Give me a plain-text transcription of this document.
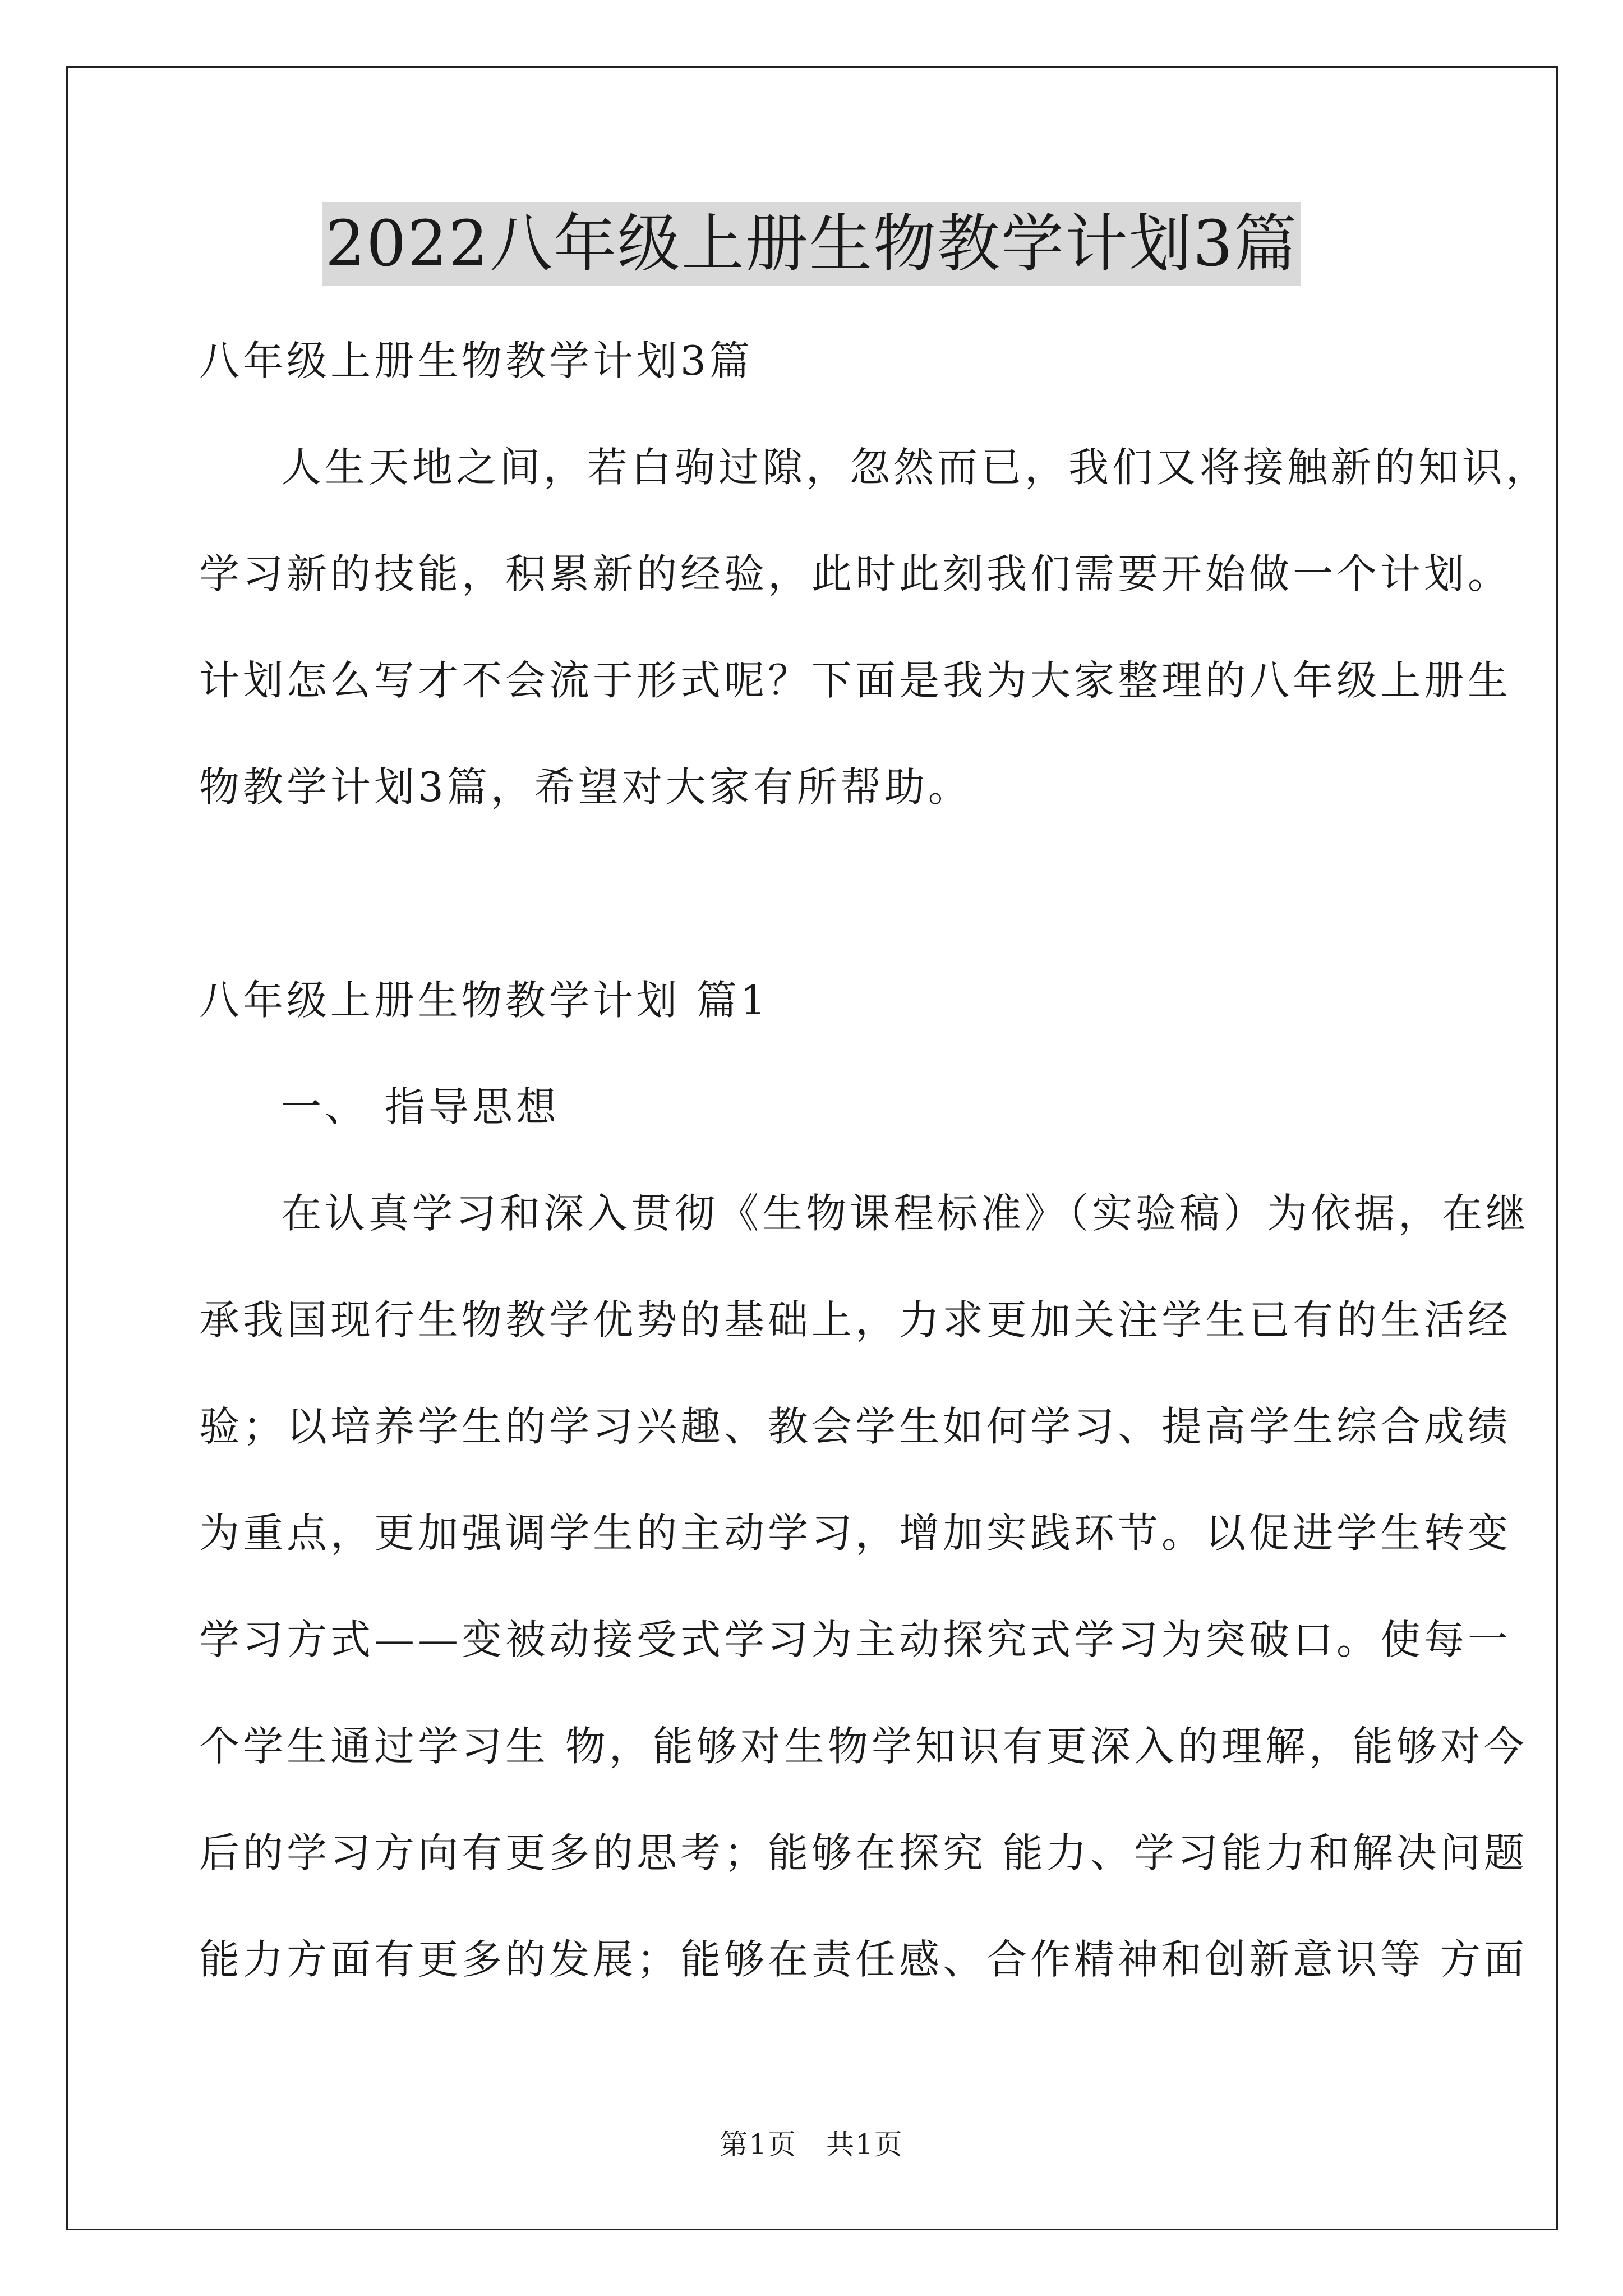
2022八年级上册生物教学计划3篇

八年级上册生物教学计划3篇

人生天地之间，若白驹过隙，忽然而已，我们又将接触新的知识，

学习新的技能，积累新的经验，此时此刻我们需要开始做一个计划。

计划怎么写才不会流于形式呢？下面是我为大家整理的八年级上册生

物教学计划3篇，希望对大家有所帮助。

八年级上册生物教学计划 篇1

一、 指导思想

在认真学习和深入贯彻《生物课程标准》（实验稿）为依据，在继

承我国现行生物教学优势的基础上，力求更加关注学生已有的生活经

验；以培养学生的学习兴趣、教会学生如何学习、提高学生综合成绩

为重点，更加强调学生的主动学习，增加实践环节。以促进学生转变

学习方式——变被动接受式学习为主动探究式学习为突破口。使每一

个学生通过学习生 物，能够对生物学知识有更深入的理解，能够对今

后的学习方向有更多的思考；能够在探究 能力、学习能力和解决问题

能力方面有更多的发展；能够在责任感、合作精神和创新意识等 方面

第1页　共1页
